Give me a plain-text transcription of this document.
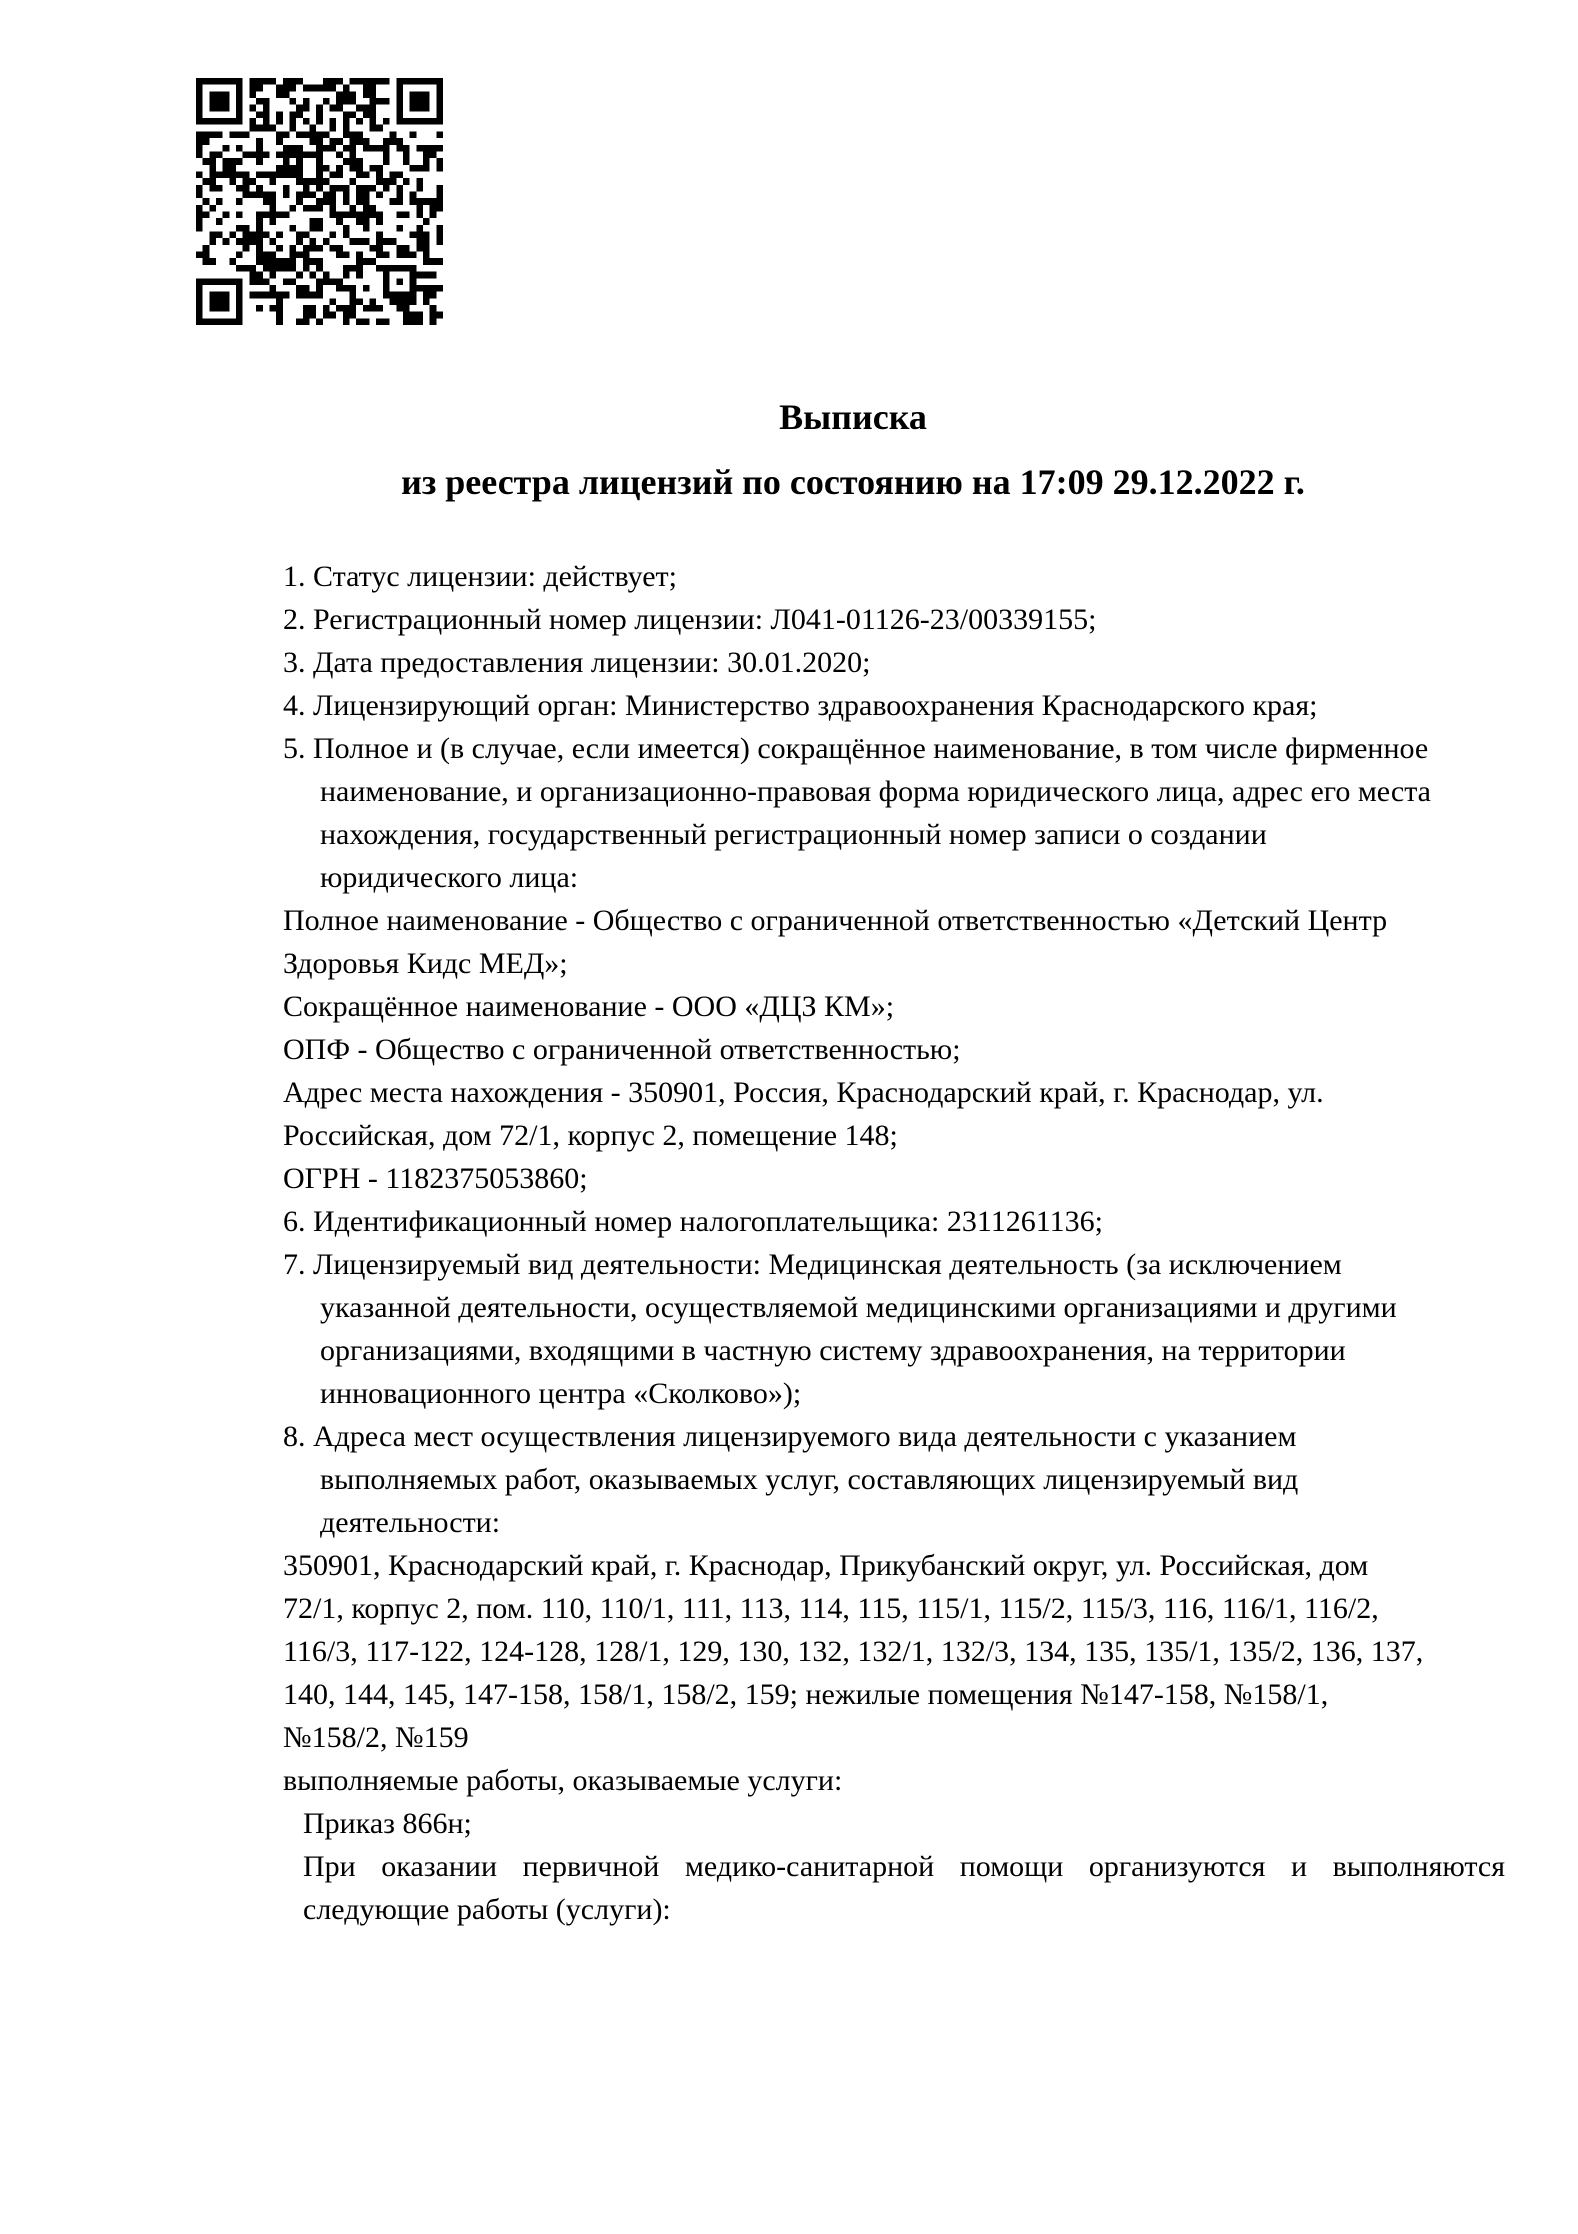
Выписка
из реестра лицензий по состоянию на 17:09 29.12.2022 г.

1. Статус лицензии: действует;

2. Регистрационный номер лицензии: Л041-01126-23/00339155;

3. Дата предоставления лицензии: 30.01.2020;

4. Лицензирующий орган: Министерство здравоохранения Краснодарского края;

5. Полное и (в случае, если имеется) сокращённое наименование, в том числе фирменное
наименование, и организационно-правовая форма юридического лица, адрес его места
нахождения, государственный регистрационный номер записи о создании
юридического лица:
Полное наименование - Общество с ограниченной ответственностью «Детский Центр
Здоровья Кидс МЕД»;
Сокращённое наименование - ООО «ДЦЗ КМ»;
ОПФ - Общество с ограниченной ответственностью;
Адрес места нахождения - 350901, Россия, Краснодарский край, г. Краснодар, ул.
Российская, дом 72/1, корпус 2, помещение 148;
ОГРН - 1182375053860;

6. Идентификационный номер налогоплательщика: 2311261136;

7. Лицензируемый вид деятельности: Медицинская деятельность (за исключением
указанной деятельности, осуществляемой медицинскими организациями и другими
организациями, входящими в частную систему здравоохранения, на территории
инновационного центра «Сколково»);
8. Адреса мест осуществления лицензируемого вида деятельности с указанием
выполняемых работ, оказываемых услуг, составляющих лицензируемый вид
деятельности:
350901, Краснодарский край, г. Краснодар, Прикубанский округ, ул. Российская, дом
72/1, корпус 2, пом. 110, 110/1, 111, 113, 114, 115, 115/1, 115/2, 115/3, 116, 116/1, 116/2,
116/3, 117-122, 124-128, 128/1, 129, 130, 132, 132/1, 132/3, 134, 135, 135/1, 135/2, 136, 137,
140, 144, 145, 147-158, 158/1, 158/2, 159; нежилые помещения №147-158, №158/1,
№158/2, №159
выполняемые работы, оказываемые услуги:
Приказ 866н;
При оказании первичной медико-санитарной помощи организуются и выполняются
следующие работы (услуги):
